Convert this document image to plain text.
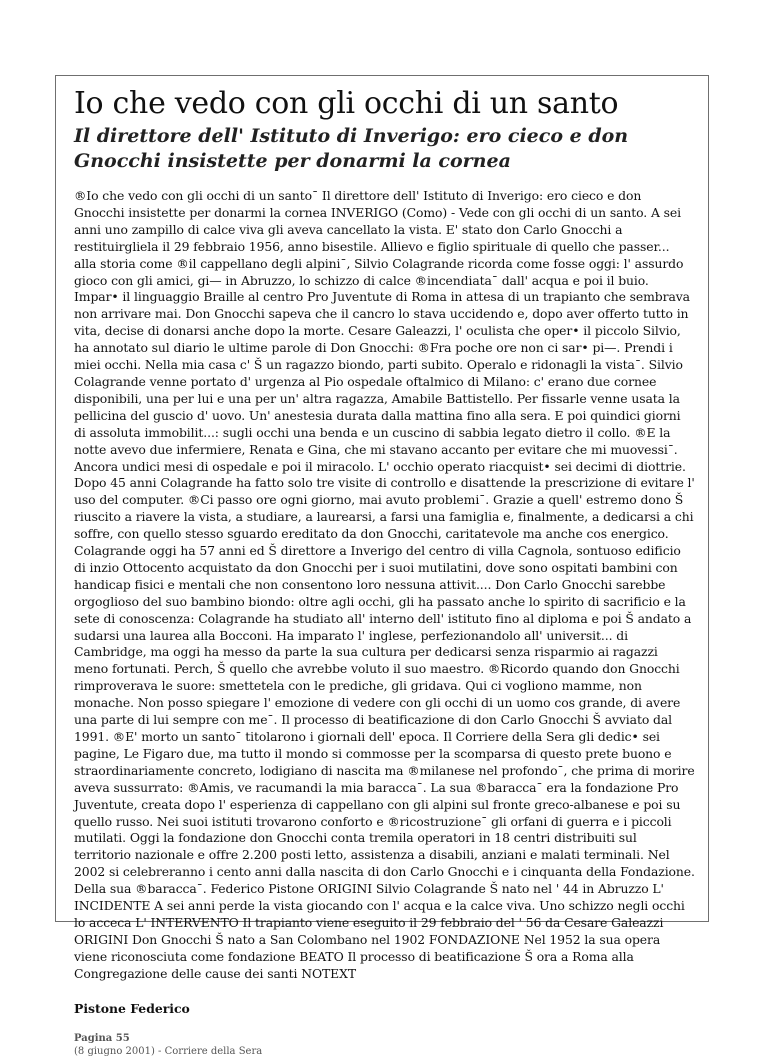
Io che vedo con gli occhi di un santo
Il direttore dell' Istituto di Inverigo: ero cieco e don Gnocchi insistette per donarmi la cornea

®Io che vedo con gli occhi di un santo¯ Il direttore dell' Istituto di Inverigo: ero cieco e don Gnocchi insistette per donarmi la cornea INVERIGO (Como) - Vede con gli occhi di un santo. A sei anni uno zampillo di calce viva gli aveva cancellato la vista. E' stato don Carlo Gnocchi a restituirgliela il 29 febbraio 1956, anno bisestile. Allievo e figlio spirituale di quello che passer... alla storia come ®il cappellano degli alpini¯, Silvio Colagrande ricorda come fosse oggi: l' assurdo gioco con gli amici, gi— in Abruzzo, lo schizzo di calce ®incendiata¯ dall' acqua e poi il buio. Impar• il linguaggio Braille al centro Pro Juventute di Roma in attesa di un trapianto che sembrava non arrivare mai. Don Gnocchi sapeva che il cancro lo stava uccidendo e, dopo aver offerto tutto in vita, decise di donarsi anche dopo la morte. Cesare Galeazzi, l' oculista che oper• il piccolo Silvio, ha annotato sul diario le ultime parole di Don Gnocchi: ®Fra poche ore non ci sar• pi—. Prendi i miei occhi. Nella mia casa c' Š un ragazzo biondo, parti subito. Operalo e ridonagli la vista¯. Silvio Colagrande venne portato d' urgenza al Pio ospedale oftalmico di Milano: c' erano due cornee disponibili, una per lui e una per un' altra ragazza, Amabile Battistello. Per fissarle venne usata la pellicina del guscio d' uovo. Un' anestesia durata dalla mattina fino alla sera. E poi quindici giorni di assoluta immobilit...: sugli occhi una benda e un cuscino di sabbia legato dietro il collo. ®E la notte avevo due infermiere, Renata e Gina, che mi stavano accanto per evitare che mi muovessi¯. Ancora undici mesi di ospedale e poi il miracolo. L' occhio operato riacquist• sei decimi di diottrie. Dopo 45 anni Colagrande ha fatto solo tre visite di controllo e disattende la prescrizione di evitare l' uso del computer. ®Ci passo ore ogni giorno, mai avuto problemi¯. Grazie a quell' estremo dono Š riuscito a riavere la vista, a studiare, a laurearsi, a farsi una famiglia e, finalmente, a dedicarsi a chi soffre, con quello stesso sguardo ereditato da don Gnocchi, caritatevole ma anche cos energico. Colagrande oggi ha 57 anni ed Š direttore a Inverigo del centro di villa Cagnola, sontuoso edificio di inzio Ottocento acquistato da don Gnocchi per i suoi mutilatini, dove sono ospitati bambini con handicap fisici e mentali che non consentono loro nessuna attivit.... Don Carlo Gnocchi sarebbe orgoglioso del suo bambino biondo: oltre agli occhi, gli ha passato anche lo spirito di sacrificio e la sete di conoscenza: Colagrande ha studiato all' interno dell' istituto fino al diploma e poi Š andato a sudarsi una laurea alla Bocconi. Ha imparato l' inglese, perfezionandolo all' universit... di Cambridge, ma oggi ha messo da parte la sua cultura per dedicarsi senza risparmio ai ragazzi meno fortunati. Perch, Š quello che avrebbe voluto il suo maestro. ®Ricordo quando don Gnocchi rimproverava le suore: smettetela con le prediche, gli gridava. Qui ci vogliono mamme, non monache. Non posso spiegare l' emozione di vedere con gli occhi di un uomo cos grande, di avere una parte di lui sempre con me¯. Il processo di beatificazione di don Carlo Gnocchi Š avviato dal 1991. ®E' morto un santo¯ titolarono i giornali dell' epoca. Il Corriere della Sera gli dedic• sei pagine, Le Figaro due, ma tutto il mondo si commosse per la scomparsa di questo prete buono e straordinariamente concreto, lodigiano di nascita ma ®milanese nel profondo¯, che prima di morire aveva sussurrato: ®Amis, ve racumandi la mia baracca¯. La sua ®baracca¯ era la fondazione Pro Juventute, creata dopo l' esperienza di cappellano con gli alpini sul fronte greco-albanese e poi su quello russo. Nei suoi istituti trovarono conforto e ®ricostruzione¯ gli orfani di guerra e i piccoli mutilati. Oggi la fondazione don Gnocchi conta tremila operatori in 18 centri distribuiti sul territorio nazionale e offre 2.200 posti letto, assistenza a disabili, anziani e malati terminali. Nel 2002 si celebreranno i cento anni dalla nascita di don Carlo Gnocchi e i cinquanta della Fondazione. Della sua ®baracca¯. Federico Pistone ORIGINI Silvio Colagrande Š nato nel ' 44 in Abruzzo L' INCIDENTE A sei anni perde la vista giocando con l' acqua e la calce viva. Uno schizzo negli occhi lo acceca L' INTERVENTO Il trapianto viene eseguito il 29 febbraio del ' 56 da Cesare Galeazzi ORIGINI Don Gnocchi Š nato a San Colombano nel 1902 FONDAZIONE Nel 1952 la sua opera viene riconosciuta come fondazione BEATO Il processo di beatificazione Š ora a Roma alla Congregazione delle cause dei santi NOTEXT

Pistone Federico

Pagina 55

(8 giugno 2001) - Corriere della Sera
